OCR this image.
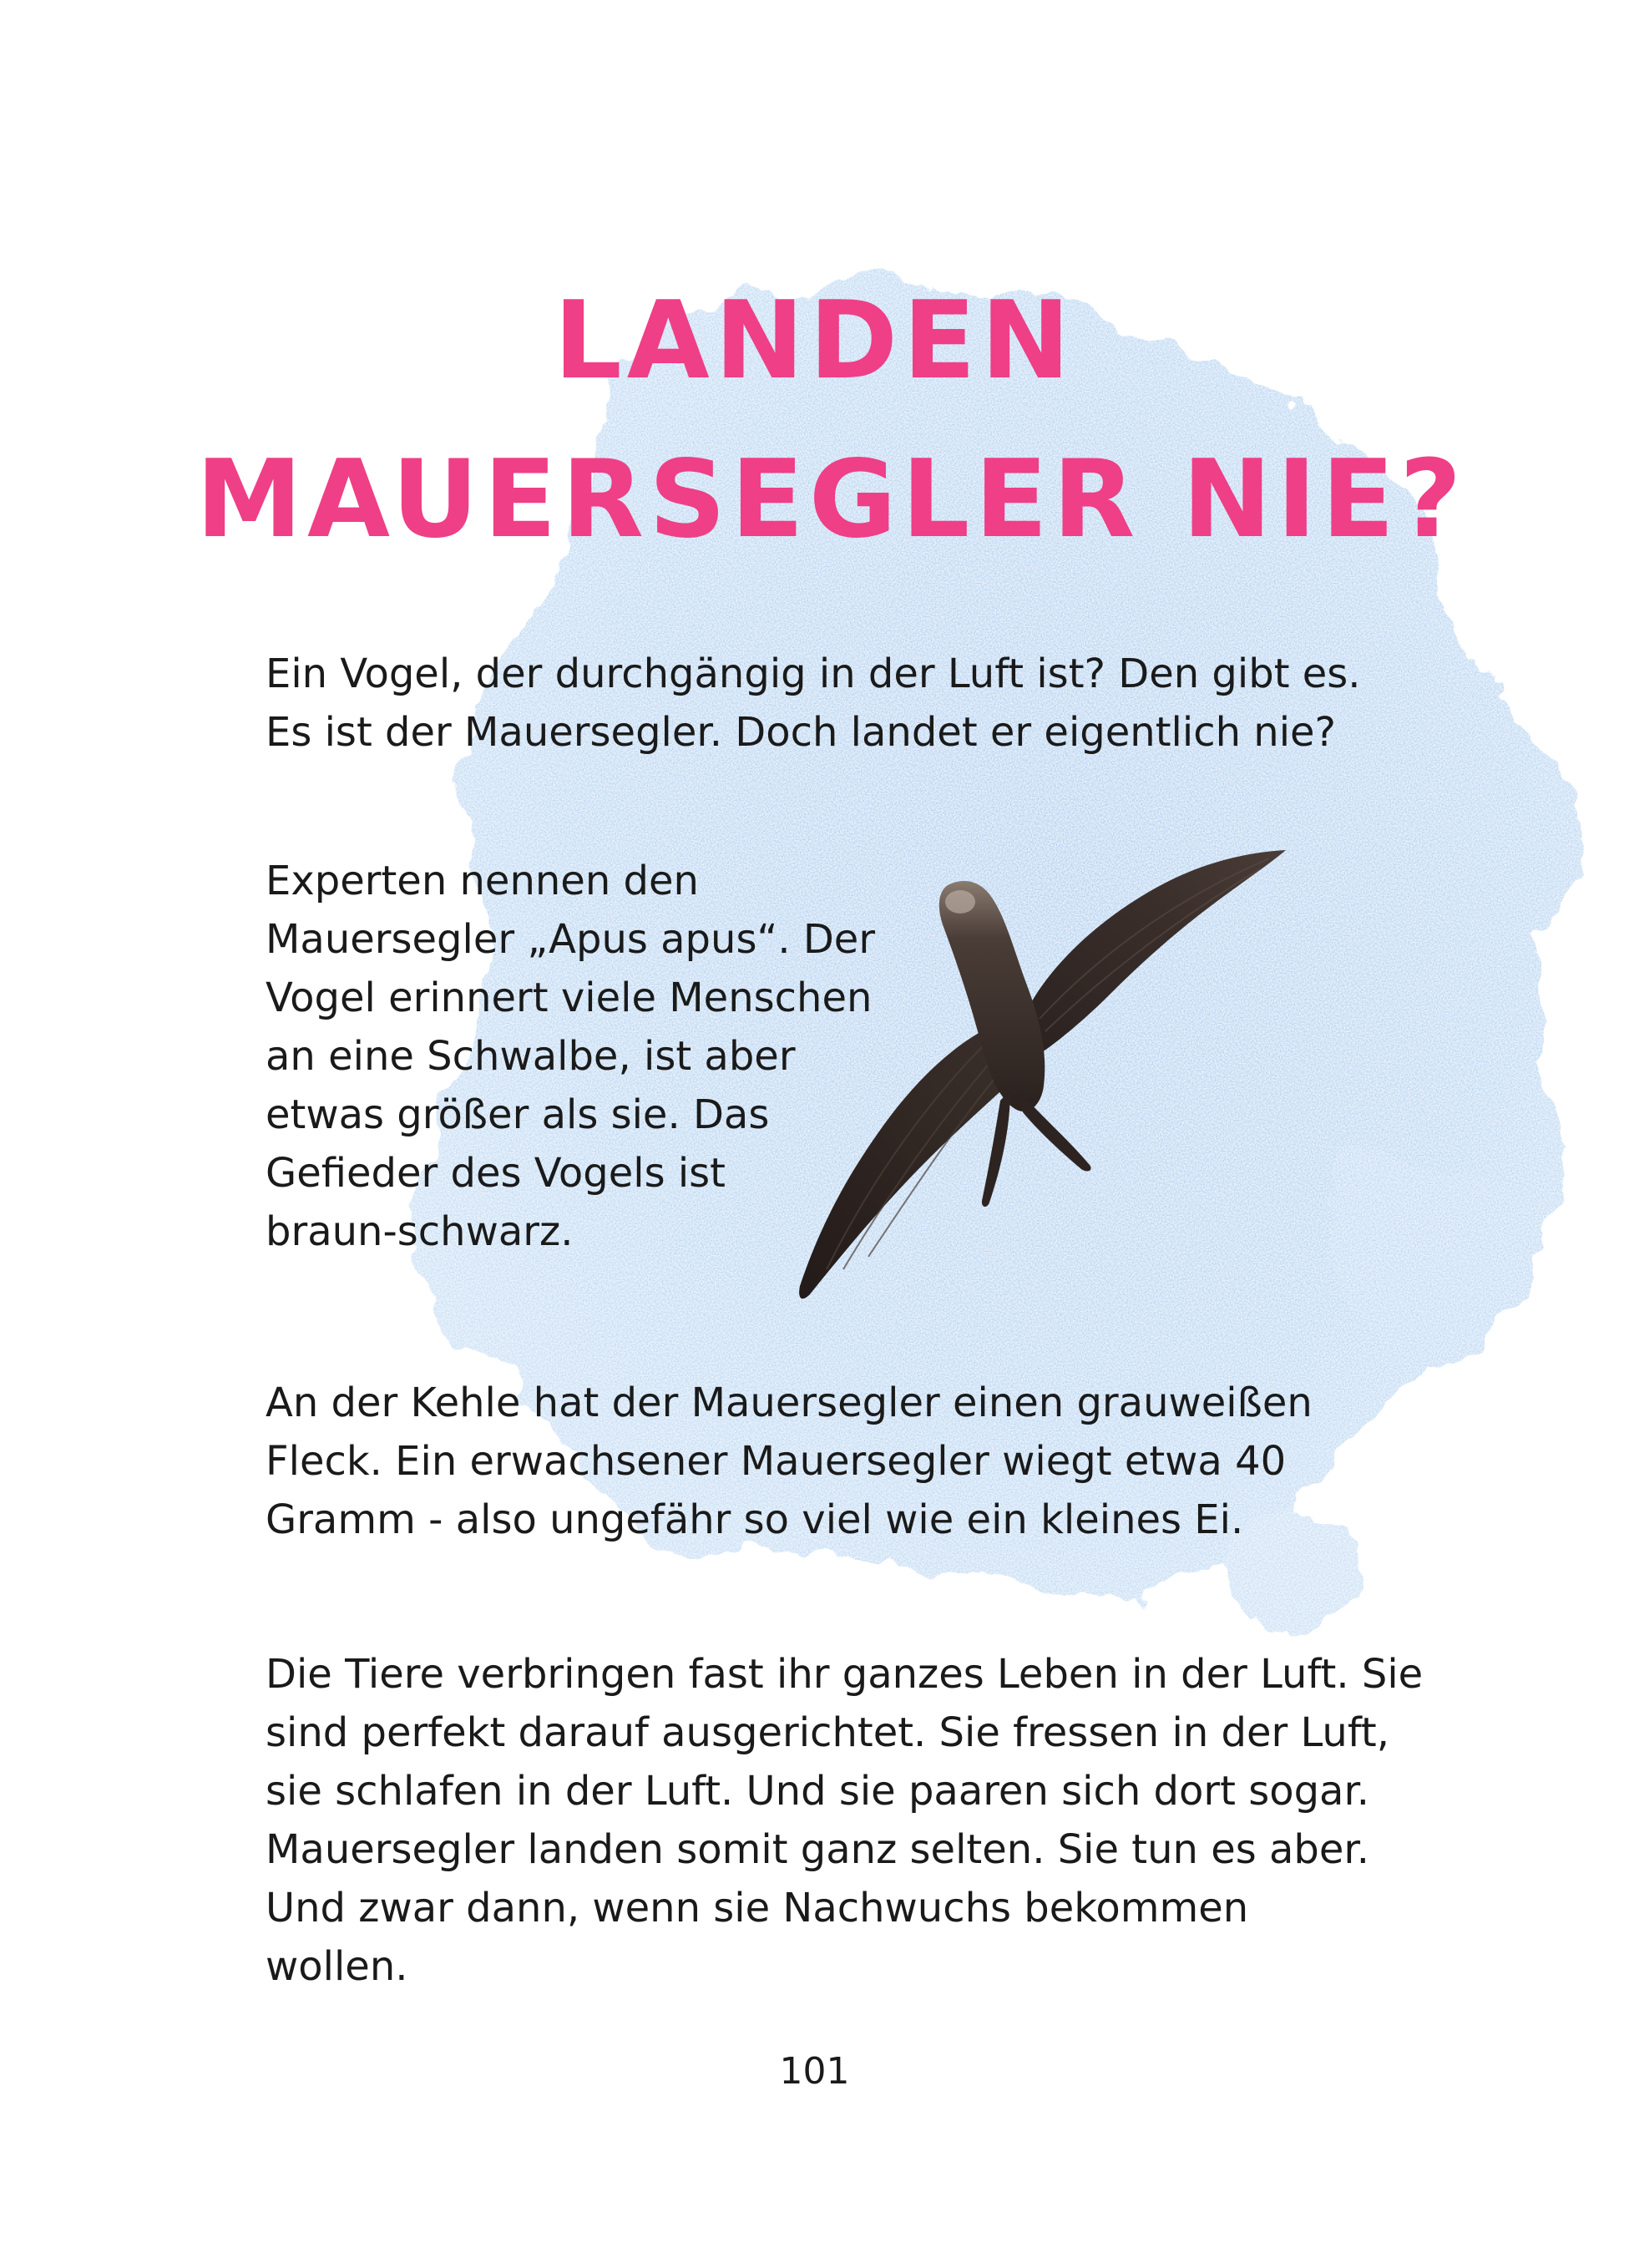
LANDEN
MAUERSEGLER NIE?

Ein Vogel, der durchgängig in der Luft ist? Den gibt es.
Es ist der Mauersegler. Doch landet er eigentlich nie?

Experten nennen den
Mauersegler „Apus apus“. Der
Vogel erinnert viele Menschen
an eine Schwalbe, ist aber
etwas größer als sie. Das
Gefieder des Vogels ist
braun-schwarz.

An der Kehle hat der Mauersegler einen grauweißen
Fleck. Ein erwachsener Mauersegler wiegt etwa 40
Gramm - also ungefähr so viel wie ein kleines Ei.

Die Tiere verbringen fast ihr ganzes Leben in der Luft. Sie
sind perfekt darauf ausgerichtet. Sie fressen in der Luft,
sie schlafen in der Luft. Und sie paaren sich dort sogar.
Mauersegler landen somit ganz selten. Sie tun es aber.
Und zwar dann, wenn sie Nachwuchs bekommen
wollen.

101
